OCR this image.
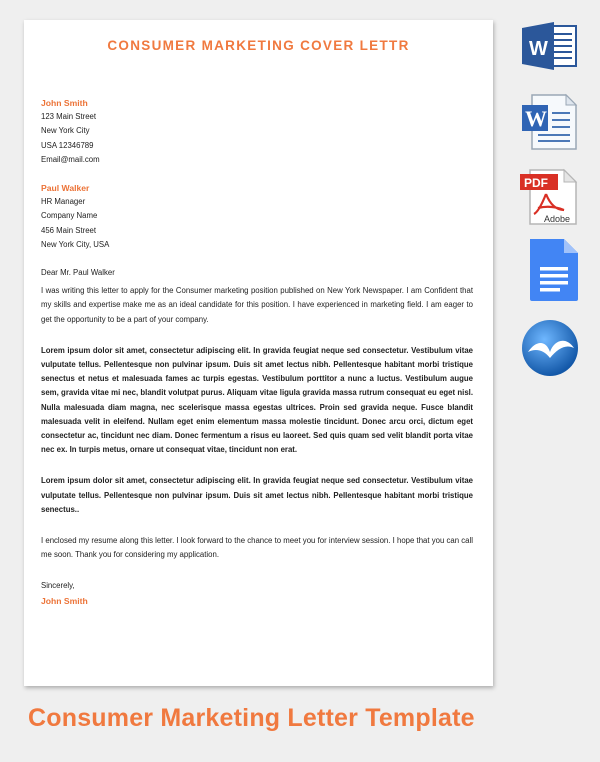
CONSUMER MARKETING COVER LETTR
John Smith
123 Main Street
New York City
USA 12346789
Email@mail.com
Paul Walker
HR Manager
Company Name
456 Main Street
New York City, USA
Dear Mr. Paul Walker

I was writing this letter to apply for the Consumer marketing position published on New York Newspaper. I am Confident that my skills and expertise make me as an ideal candidate for this position. I have experienced in marketing field. I am eager to get the opportunity to be a part of your company.

Lorem ipsum dolor sit amet, consectetur adipiscing elit. In gravida feugiat neque sed consectetur. Vestibulum vitae vulputate tellus. Pellentesque non pulvinar ipsum. Duis sit amet lectus nibh. Pellentesque habitant morbi tristique senectus et netus et malesuada fames ac turpis egestas. Vestibulum porttitor a nunc a luctus. Vestibulum augue sem, gravida vitae mi nec, blandit volutpat purus. Aliquam vitae ligula gravida massa rutrum consequat eu eget nisl. Nulla malesuada diam magna, nec scelerisque massa egestas ultrices. Proin sed gravida neque. Fusce blandit malesuada velit in eleifend. Nullam eget enim elementum massa molestie tincidunt. Donec arcu orci, dictum eget consectetur ac, tincidunt nec diam. Donec fermentum a risus eu laoreet. Sed quis quam sed velit blandit porta vitae nec ex. In turpis metus, ornare ut consequat vitae, tincidunt non erat.

Lorem ipsum dolor sit amet, consectetur adipiscing elit. In gravida feugiat neque sed consectetur. Vestibulum vitae vulputate tellus. Pellentesque non pulvinar ipsum. Duis sit amet lectus nibh. Pellentesque habitant morbi tristique senectus..

I enclosed my resume along this letter. I look forward to the chance to meet you for interview session. I hope that you can call me soon. Thank you for considering my application.

Sincerely,
John Smith
W
W
PDF
Adobe
Consumer Marketing Letter Template
